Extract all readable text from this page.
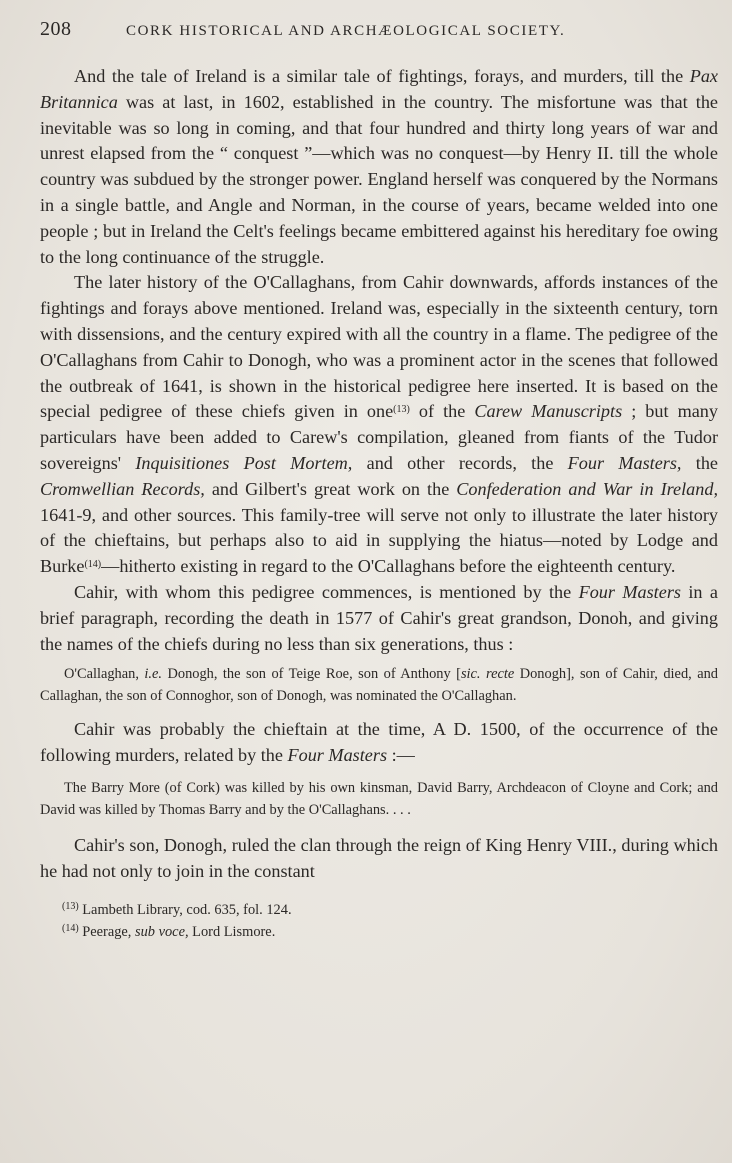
208	CORK HISTORICAL AND ARCHÆOLOGICAL SOCIETY.

And the tale of Ireland is a similar tale of fightings, forays, and murders, till the Pax Britannica was at last, in 1602, established in the country. The misfortune was that the inevitable was so long in coming, and that four hundred and thirty long years of war and unrest elapsed from the “ conquest ”—which was no conquest—by Henry II. till the whole country was subdued by the stronger power. England herself was conquered by the Normans in a single battle, and Angle and Norman, in the course of years, became welded into one people ; but in Ireland the Celt's feelings became embittered against his hereditary foe owing to the long continuance of the struggle.

The later history of the O'Callaghans, from Cahir downwards, affords instances of the fightings and forays above mentioned. Ireland was, especially in the sixteenth century, torn with dissensions, and the century expired with all the country in a flame. The pedigree of the O'Callaghans from Cahir to Donogh, who was a prominent actor in the scenes that followed the outbreak of 1641, is shown in the historical pedigree here inserted. It is based on the special pedigree of these chiefs given in one$^{(13)}$ of the Carew Manuscripts ; but many particulars have been added to Carew's compilation, gleaned from fiants of the Tudor sovereigns' Inquisitiones Post Mortem, and other records, the Four Masters, the Cromwellian Records, and Gilbert's great work on the Confederation and War in Ireland, 1641-9, and other sources. This family-tree will serve not only to illustrate the later history of the chieftains, but perhaps also to aid in supplying the hiatus—noted by Lodge and Burke$^{(14)}$—hitherto existing in regard to the O'Callaghans before the eighteenth century.

Cahir, with whom this pedigree commences, is mentioned by the Four Masters in a brief paragraph, recording the death in 1577 of Cahir's great grandson, Donoh, and giving the names of the chiefs during no less than six generations, thus :

O'Callaghan, i.e. Donogh, the son of Teige Roe, son of Anthony [sic. recte Donogh], son of Cahir, died, and Callaghan, the son of Connoghor, son of Donogh, was nominated the O'Callaghan.

Cahir was probably the chieftain at the time, A D. 1500, of the occurrence of the following murders, related by the Four Masters :—

The Barry More (of Cork) was killed by his own kinsman, David Barry, Archdeacon of Cloyne and Cork; and David was killed by Thomas Barry and by the O'Callaghans. . . .

Cahir's son, Donogh, ruled the clan through the reign of King Henry VIII., during which he had not only to join in the constant

$^{(13)}$ Lambeth Library, cod. 635, fol. 124.

$^{(14)}$ Peerage, sub voce, Lord Lismore.
